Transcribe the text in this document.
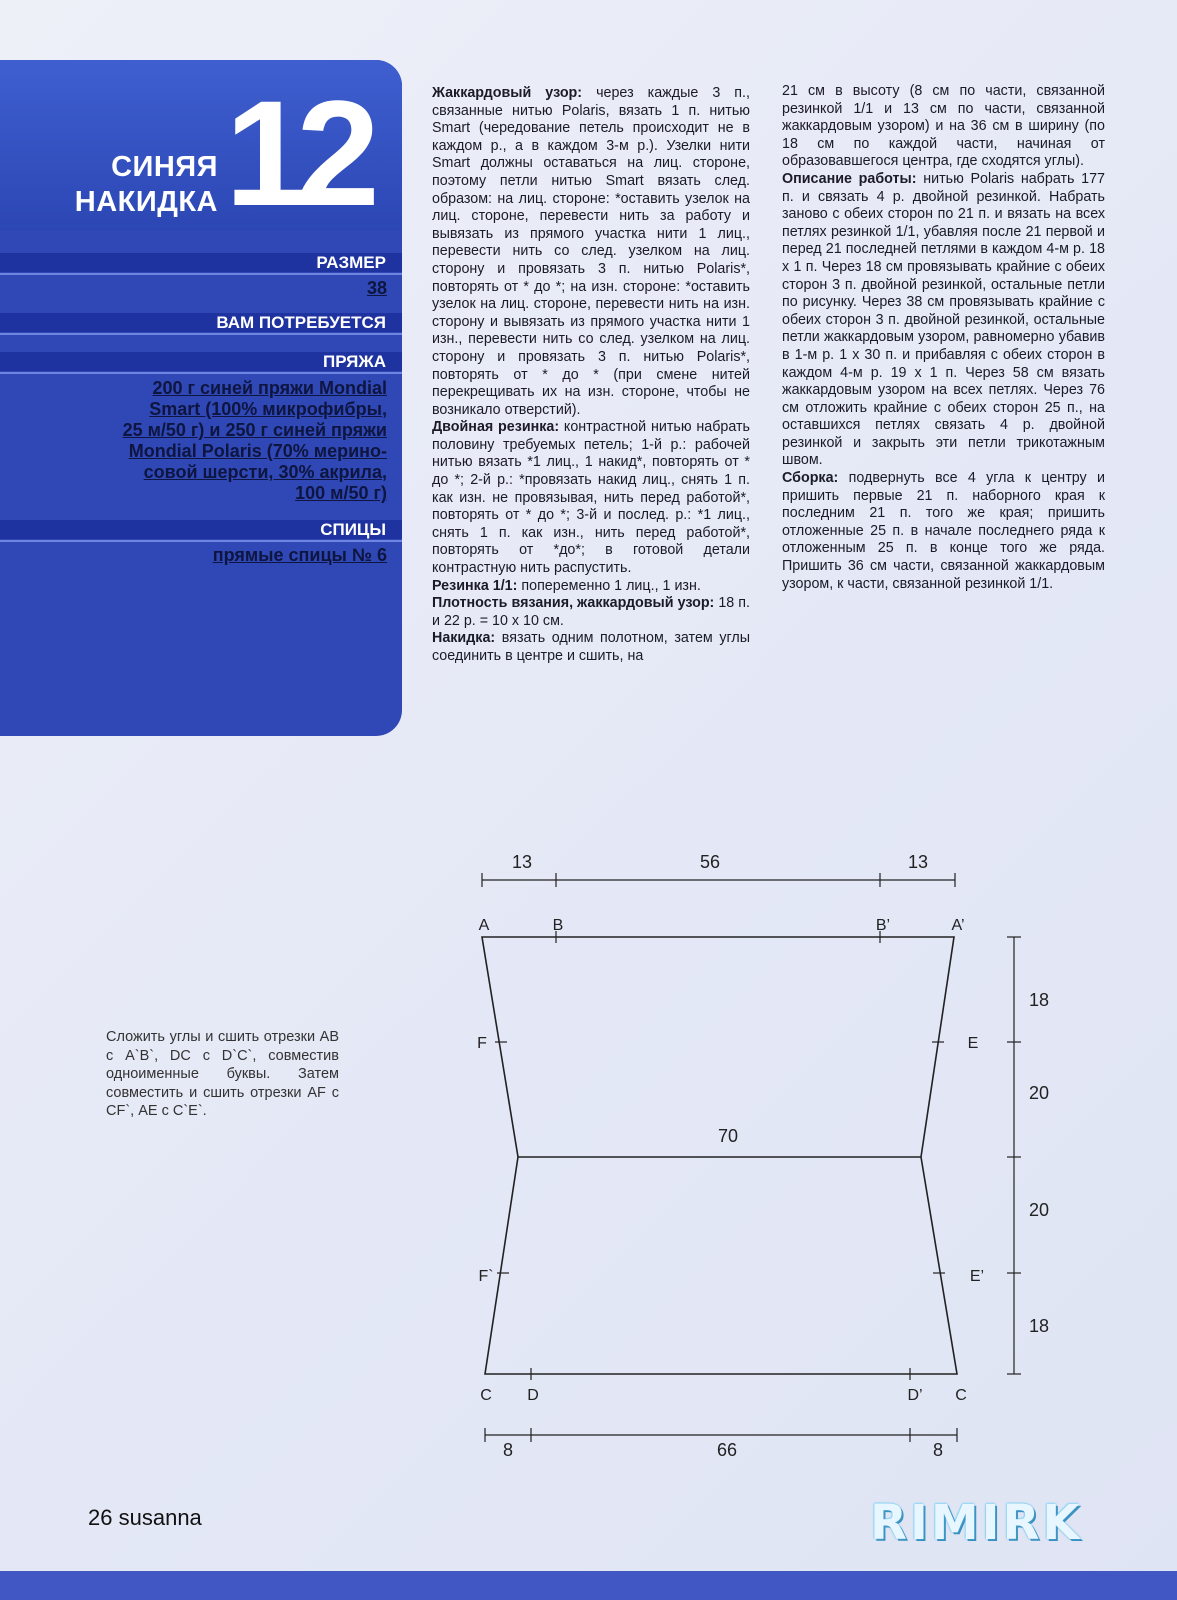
СИНЯЯ
НАКИДКА 12
РАЗМЕР
38
ВАМ ПОТРЕБУЕТСЯ
ПРЯЖА
200 г синей пряжи Mondial
Smart (100% микрофибры,
25 м/50 г) и 250 г синей пряжи
Mondial Polaris (70% мерино-
совой шерсти, 30% акрила,
100 м/50 г)
СПИЦЫ
прямые спицы № 6

Жаккардовый узор: через каждые 3 п., связанные нитью Polaris, вязать 1 п. нитью Smart (чередование петель происходит не в каждом р., а в каждом 3-м р.). Узелки нити Smart должны оставаться на лиц. стороне, поэтому петли нитью Smart вязать след. образом: на лиц. стороне: *оставить узелок на лиц. стороне, перевести нить за работу и вывязать из прямого участка нити 1 лиц., перевести нить со след. узелком на лиц. сторону и провязать 3 п. нитью Polaris*, повторять от * до *; на изн. стороне: *оставить узелок на лиц. стороне, перевести нить на изн. сторону и вывязать из прямого участка нити 1 изн., перевести нить со след. узелком на лиц. сторону и провязать 3 п. нитью Polaris*, повторять от * до * (при смене нитей перекрещивать их на изн. стороне, чтобы не возникало отверстий).

Двойная резинка: контрастной нитью набрать половину требуемых петель; 1-й р.: рабочей нитью вязать *1 лиц., 1 накид*, повторять от * до *; 2-й р.: *провязать накид лиц., снять 1 п. как изн. не провязывая, нить перед работой*, повторять от * до *; 3-й и послед. р.: *1 лиц., снять 1 п. как изн., нить перед работой*, повторять от *до*; в готовой детали контрастную нить распустить.

Резинка 1/1: попеременно 1 лиц., 1 изн.

Плотность вязания, жаккардовый узор: 18 п. и 22 р. = 10 х 10 см.

Накидка: вязать одним полотном, затем углы соединить в центре и сшить, на

21 см в высоту (8 см по части, связанной резинкой 1/1 и 13 см по части, связанной жаккардовым узором) и на 36 см в ширину (по 18 см по каждой части, начиная от образовавшегося центра, где сходятся углы).

Описание работы: нитью Polaris набрать 177 п. и связать 4 р. двойной резинкой. Набрать заново с обеих сторон по 21 п. и вязать на всех петлях резинкой 1/1, убавляя после 21 первой и перед 21 последней петлями в каждом 4-м р. 18 х 1 п. Через 18 см провязывать крайние с обеих сторон 3 п. двойной резинкой, остальные петли по рисунку. Через 38 см провязывать крайние с обеих сторон 3 п. двойной резинкой, остальные петли жаккардовым узором, равномерно убавив в 1-м р. 1 х 30 п. и прибавляя с обеих сторон в каждом 4-м р. 19 х 1 п. Через 58 см вязать жаккардовым узором на всех петлях. Через 76 см отложить крайние с обеих сторон 25 п., на оставшихся петлях связать 4 р. двойной резинкой и закрыть эти петли трикотажным швом.

Сборка: подвернуть все 4 угла к центру и пришить первые 21 п. наборного края к последним 21 п. того же края; пришить отложенные 25 п. в начале последнего ряда к отложенным 25 п. в конце того же ряда. Пришить 36 см части, связанной жаккардовым узором, к части, связанной резинкой 1/1.

13	56	13
8	66	8
18
20
20
18
70
A	B	B’	A’
F	E
F`	E’
C D	D’ C
Сложить углы и сшить отрезки АВ с А`В`, DC с D`C`, совместив одноименные буквы. Затем совместить и сшить отрезки AF с CF`, АЕ с С`Е`.
26 susanna	RIMIRK
